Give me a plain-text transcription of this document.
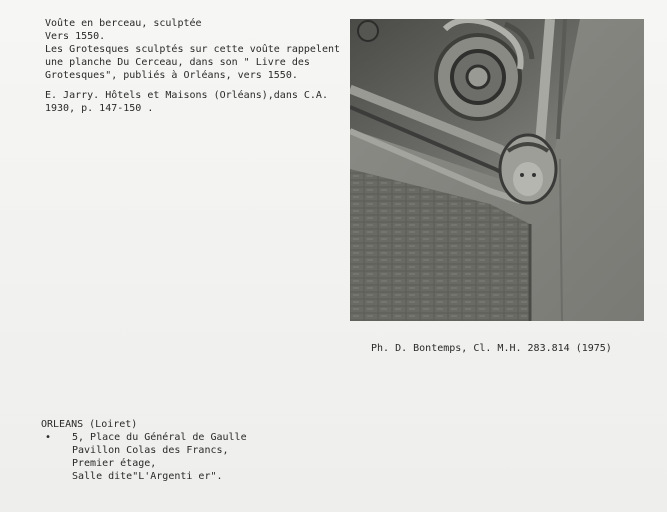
Voûte en berceau, sculptée
Vers 1550.
Les Grotesques sculptés sur cette voûte rappelent
une planche Du Cerceau, dans son " Livre des
Grotesques", publiés à Orléans, vers 1550.
E. Jarry. Hôtels et Maisons (Orléans),dans C.A.
1930, p. 147-150 .
Ph. D. Bontemps, Cl. M.H. 283.814 (1975)
ORLEANS (Loiret)
•	5, Place du Général de Gaulle
Pavillon Colas des Francs,
Premier étage,
Salle dite"L'Argenti er".
